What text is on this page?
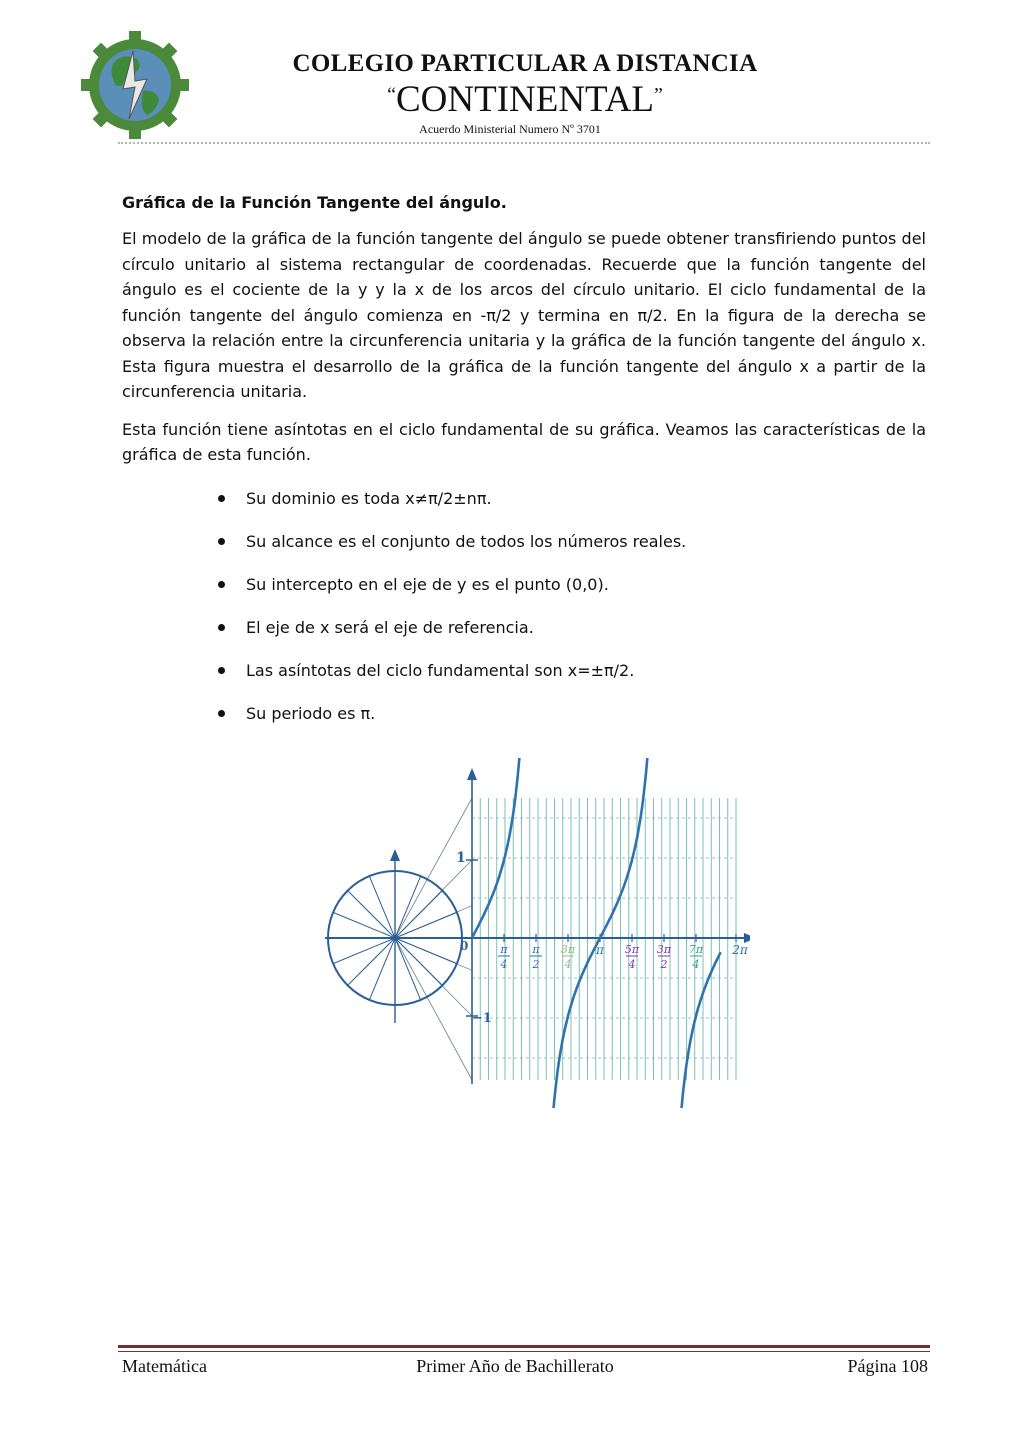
COLEGIO PARTICULAR A DISTANCIA
“CONTINENTAL”
Acuerdo Ministerial Numero Nº 3701
Gráfica de la Función Tangente del ángulo.

El modelo de la gráfica de la función tangente del ángulo se puede obtener transfiriendo puntos del círculo unitario al sistema rectangular de coordenadas. Recuerde que la función tangente del ángulo es el cociente de la y y la x de los arcos del círculo unitario. El ciclo fundamental de la función tangente del ángulo comienza en -π/2 y termina en π/2. En la figura de la derecha se observa la relación entre la circunferencia unitaria y la gráfica de la función tangente del ángulo x. Esta figura muestra el desarrollo de la gráfica de la función tangente del ángulo x a partir de la circunferencia unitaria.

Esta función tiene asíntotas en el ciclo fundamental de su gráfica. Veamos las características de la gráfica de esta función.

Su dominio es toda x≠π/2±nπ.
Su alcance es el conjunto de todos los números reales.
Su intercepto en el eje de y es el punto (0,0).
El eje de x será el eje de referencia.
Las asíntotas del ciclo fundamental son x=±π/2.
Su periodo es π.
π
4
π
2
3π
4
π 5π
4
3π
2
7π
4
2π
1
−1
0
Matemática	Primer Año de Bachillerato	Página 108
